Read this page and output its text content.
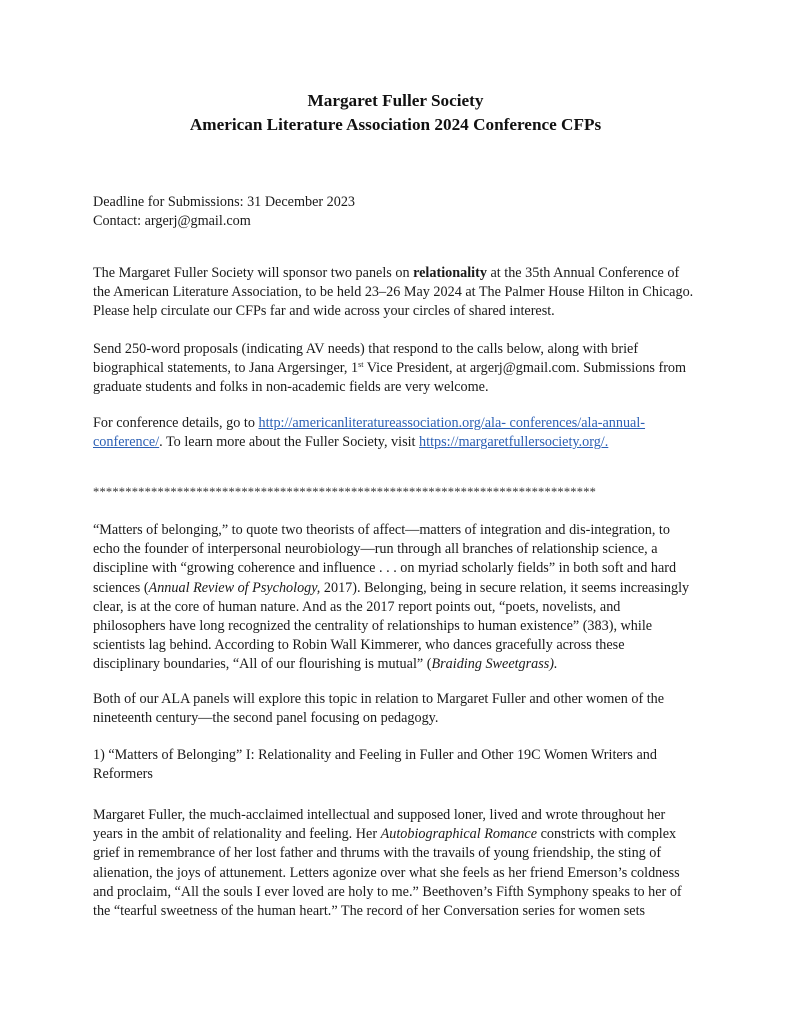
Margaret Fuller Society
American Literature Association 2024 Conference CFPs
Deadline for Submissions: 31 December 2023
Contact: argerj@gmail.com
The Margaret Fuller Society will sponsor two panels on relationality at the 35th Annual Conference of
the American Literature Association, to be held 23–26 May 2024 at The Palmer House Hilton in Chicago.
Please help circulate our CFPs far and wide across your circles of shared interest.
Send 250-word proposals (indicating AV needs) that respond to the calls below, along with brief
biographical statements, to Jana Argersinger, 1st Vice President, at argerj@gmail.com. Submissions from
graduate students and folks in non-academic fields are very welcome.
For conference details, go to http://americanliteratureassociation.org/ala- conferences/ala-annual-
conference/. To learn more about the Fuller Society, visit https://margaretfullersociety.org/.
******************************************************************************
“Matters of belonging,” to quote two theorists of affect—matters of integration and dis-integration, to
echo the founder of interpersonal neurobiology—run through all branches of relationship science, a
discipline with “growing coherence and influence . . . on myriad scholarly fields” in both soft and hard
sciences (Annual Review of Psychology, 2017). Belonging, being in secure relation, it seems increasingly
clear, is at the core of human nature. And as the 2017 report points out, “poets, novelists, and
philosophers have long recognized the centrality of relationships to human existence” (383), while
scientists lag behind. According to Robin Wall Kimmerer, who dances gracefully across these
disciplinary boundaries, “All of our flourishing is mutual” (Braiding Sweetgrass).
Both of our ALA panels will explore this topic in relation to Margaret Fuller and other women of the
nineteenth century—the second panel focusing on pedagogy.
1) “Matters of Belonging” I: Relationality and Feeling in Fuller and Other 19C Women Writers and
Reformers
Margaret Fuller, the much-acclaimed intellectual and supposed loner, lived and wrote throughout her
years in the ambit of relationality and feeling. Her Autobiographical Romance constricts with complex
grief in remembrance of her lost father and thrums with the travails of young friendship, the sting of
alienation, the joys of attunement. Letters agonize over what she feels as her friend Emerson’s coldness
and proclaim, “All the souls I ever loved are holy to me.” Beethoven’s Fifth Symphony speaks to her of
the “tearful sweetness of the human heart.” The record of her Conversation series for women sets
